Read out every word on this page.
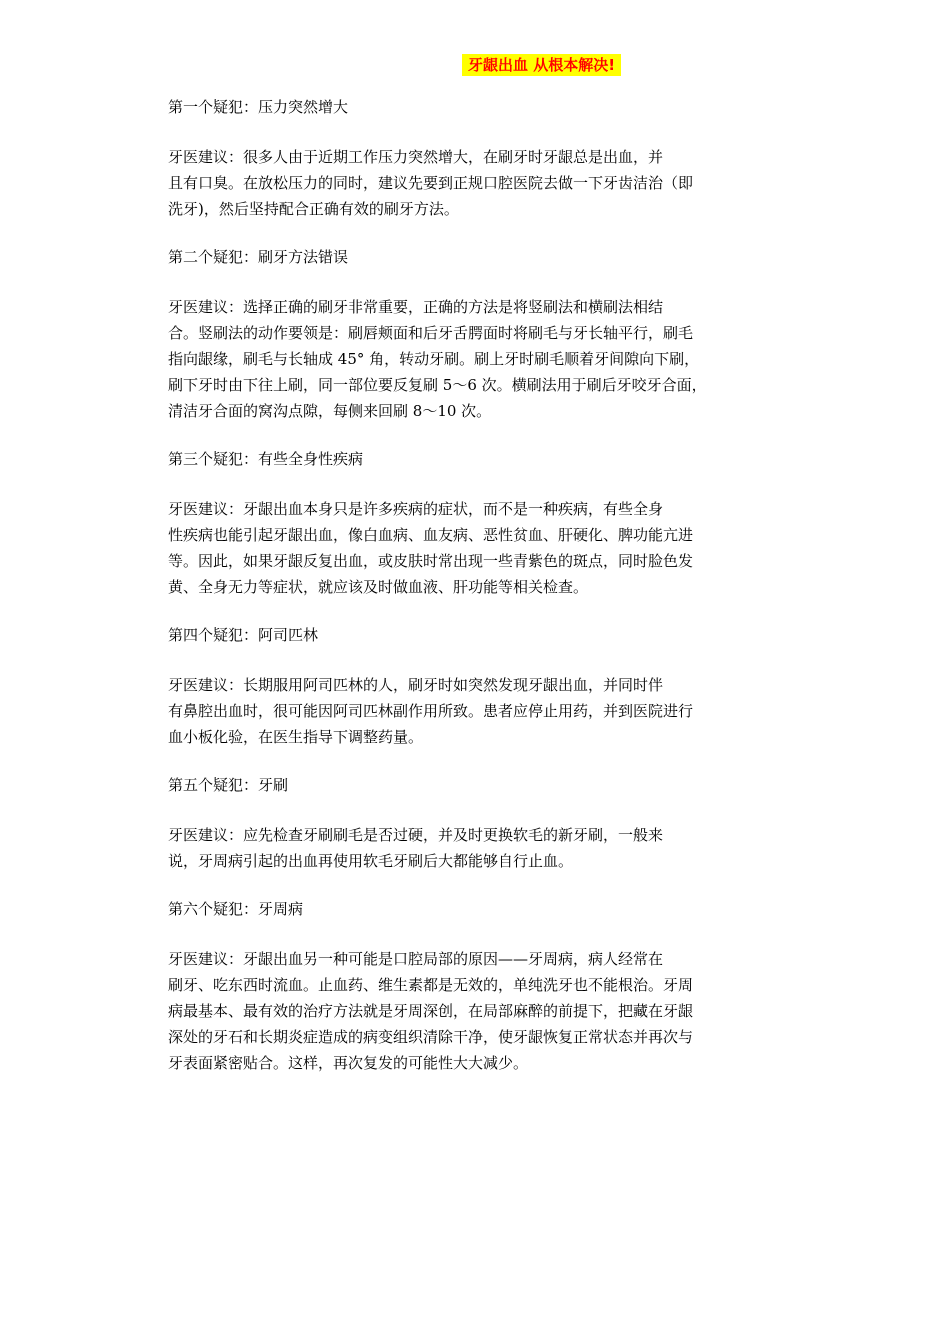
牙龈出血 从根本解决!
第一个疑犯：压力突然增大
牙医建议：很多人由于近期工作压力突然增大，在刷牙时牙龈总是出血，并
且有口臭。在放松压力的同时，建议先要到正规口腔医院去做一下牙齿洁治（即
洗牙)，然后坚持配合正确有效的刷牙方法。
第二个疑犯：刷牙方法错误
牙医建议：选择正确的刷牙非常重要，正确的方法是将竖刷法和横刷法相结
合。竖刷法的动作要领是：刷唇颊面和后牙舌腭面时将刷毛与牙长轴平行，刷毛
指向龈缘，刷毛与长轴成 45° 角，转动牙刷。刷上牙时刷毛顺着牙间隙向下刷，
刷下牙时由下往上刷，同一部位要反复刷 5～6 次。横刷法用于刷后牙咬牙合面，
清洁牙合面的窝沟点隙，每侧来回刷 8～10 次。
第三个疑犯：有些全身性疾病
牙医建议：牙龈出血本身只是许多疾病的症状，而不是一种疾病，有些全身
性疾病也能引起牙龈出血，像白血病、血友病、恶性贫血、肝硬化、脾功能亢进
等。因此，如果牙龈反复出血，或皮肤时常出现一些青紫色的斑点，同时脸色发
黄、全身无力等症状，就应该及时做血液、肝功能等相关检查。
第四个疑犯：阿司匹林
牙医建议：长期服用阿司匹林的人，刷牙时如突然发现牙龈出血，并同时伴
有鼻腔出血时，很可能因阿司匹林副作用所致。患者应停止用药，并到医院进行
血小板化验，在医生指导下调整药量。
第五个疑犯：牙刷
牙医建议：应先检查牙刷刷毛是否过硬，并及时更换软毛的新牙刷，一般来
说，牙周病引起的出血再使用软毛牙刷后大都能够自行止血。
第六个疑犯：牙周病
牙医建议：牙龈出血另一种可能是口腔局部的原因——牙周病，病人经常在
刷牙、吃东西时流血。止血药、维生素都是无效的，单纯洗牙也不能根治。牙周
病最基本、最有效的治疗方法就是牙周深创，在局部麻醉的前提下，把藏在牙龈
深处的牙石和长期炎症造成的病变组织清除干净，使牙龈恢复正常状态并再次与
牙表面紧密贴合。这样，再次复发的可能性大大减少。
